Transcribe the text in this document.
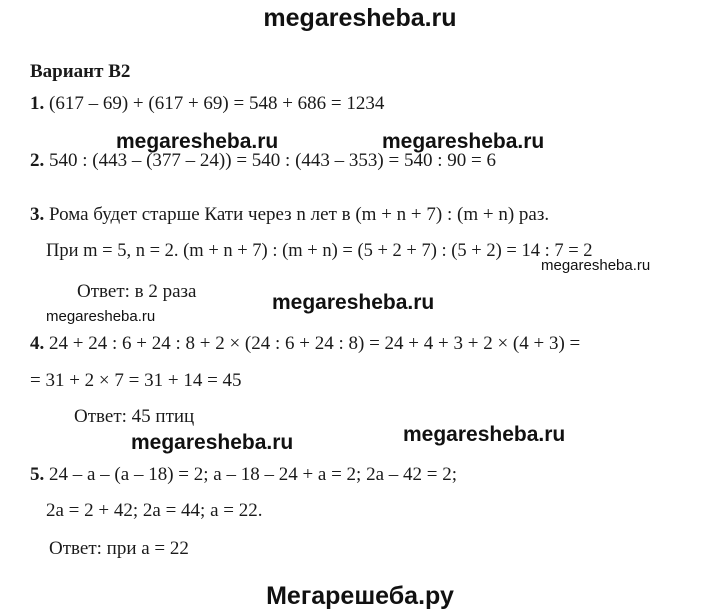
megaresheba.ru
megaresheba.ru	megaresheba.ru
megaresheba.ru
megaresheba.ru
megaresheba.ru
megaresheba.ru	megaresheba.ru
Мегарешеба.ру
Вариант В2
1. (617 – 69) + (617 + 69) = 548 + 686 = 1234
2. 540 : (443 – (377 – 24)) = 540 : (443 – 353) = 540 : 90 = 6
3. Рома будет старше Кати через n лет в (m + n + 7) : (m + n) раз.
При m = 5, n = 2. (m + n + 7) : (m + n) = (5 + 2 + 7) : (5 + 2) = 14 : 7 = 2
Ответ: в 2 раза
4. 24 + 24 : 6 + 24 : 8 + 2 × (24 : 6 + 24 : 8) = 24 + 4 + 3 + 2 × (4 + 3) =
= 31 + 2 × 7 = 31 + 14 = 45
Ответ: 45 птиц
5. 24 – а – (а – 18) = 2; а – 18 – 24 + а = 2; 2а – 42 = 2;
2а = 2 + 42; 2а = 44; а = 22.
Ответ: при а = 22
